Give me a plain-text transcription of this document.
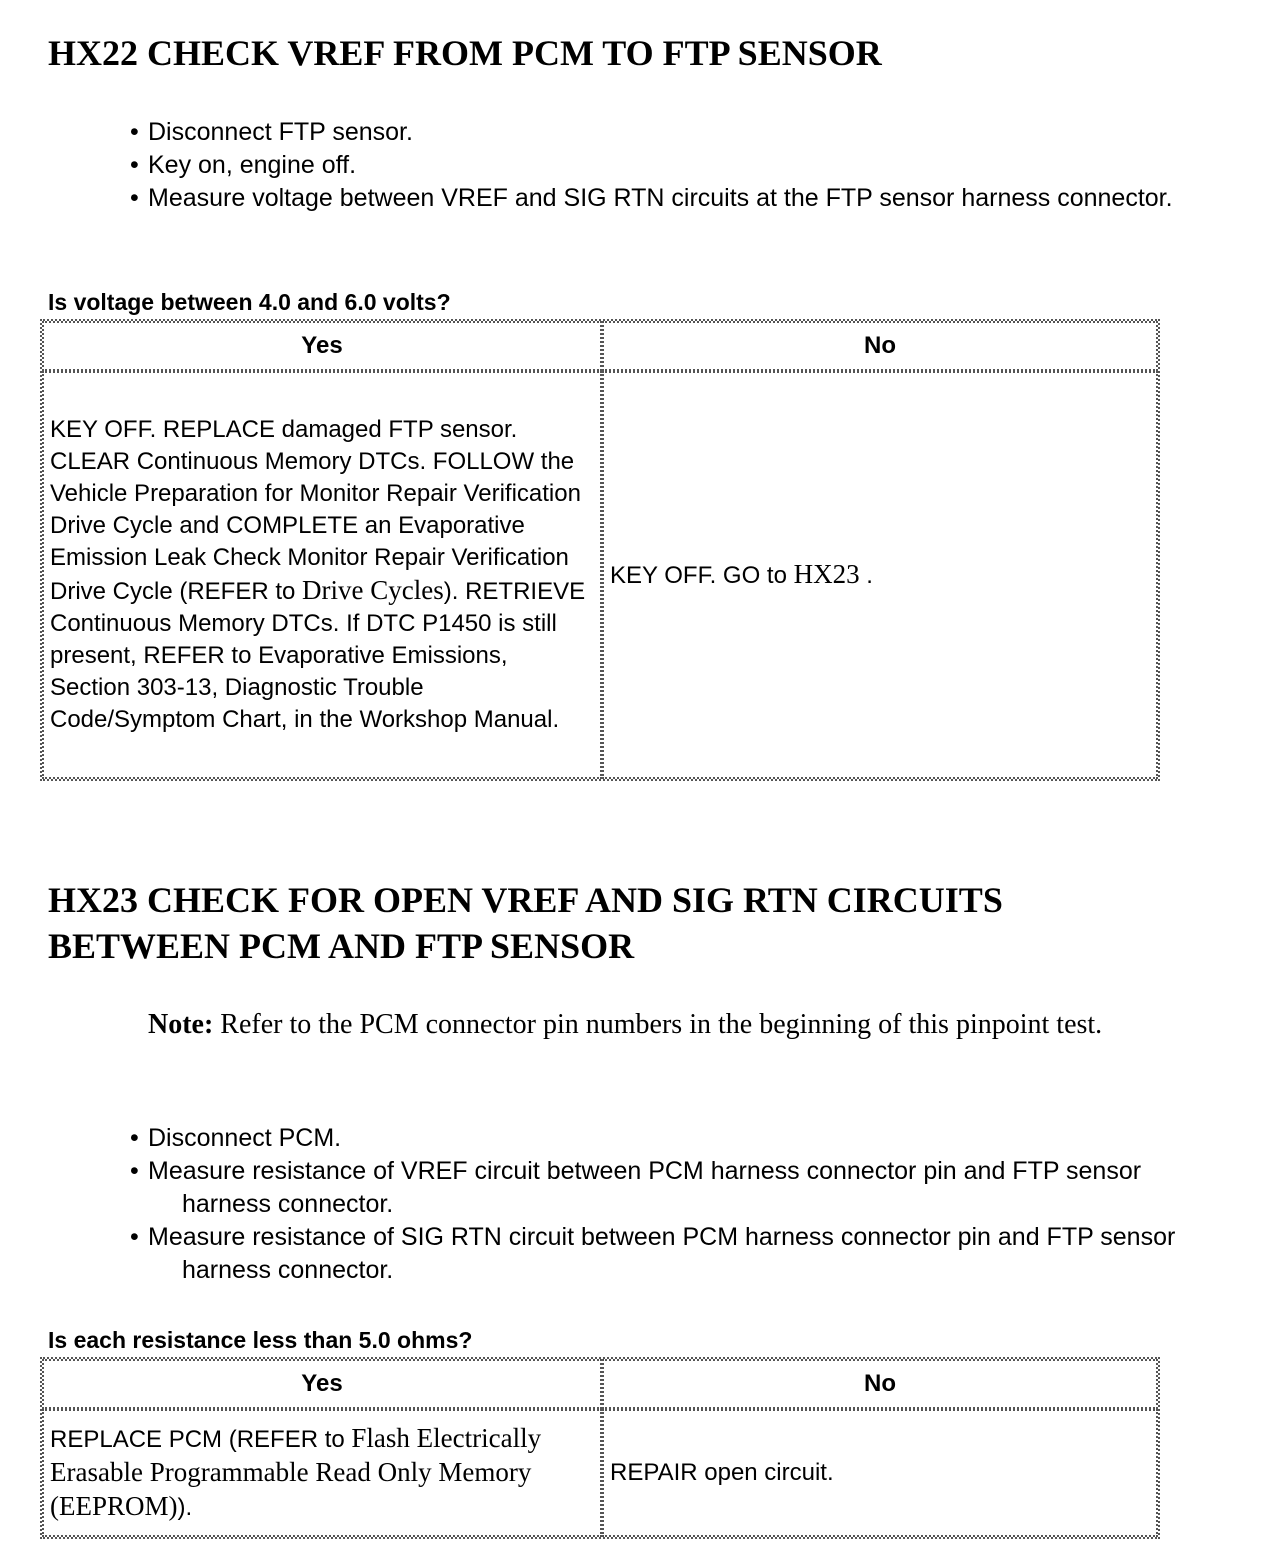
HX22 CHECK VREF FROM PCM TO FTP SENSOR
• Disconnect FTP sensor.
• Key on, engine off.
• Measure voltage between VREF and SIG RTN circuits at the FTP sensor harness connector.

Is voltage between 4.0 and 6.0 volts?

Yes	No
KEY OFF. REPLACE damaged FTP sensor. CLEAR Continuous Memory DTCs. FOLLOW the Vehicle Preparation for Monitor Repair Verification Drive Cycle and COMPLETE an Evaporative Emission Leak Check Monitor Repair Verification Drive Cycle (REFER to Drive Cycles). RETRIEVE Continuous Memory DTCs. If DTC P1450 is still present, REFER to Evaporative Emissions, Section 303-13, Diagnostic Trouble Code/Symptom Chart, in the Workshop Manual.	KEY OFF. GO to HX23 .
HX23 CHECK FOR OPEN VREF AND SIG RTN CIRCUITS BETWEEN PCM AND FTP SENSOR

Note: Refer to the PCM connector pin numbers in the beginning of this pinpoint test.

• Disconnect PCM.
• Measure resistance of VREF circuit between PCM harness connector pin and FTP sensor harness connector.
• Measure resistance of SIG RTN circuit between PCM harness connector pin and FTP sensor harness connector.

Is each resistance less than 5.0 ohms?

Yes	No
REPLACE PCM (REFER to Flash Electrically Erasable Programmable Read Only Memory (EEPROM)).	REPAIR open circuit.
